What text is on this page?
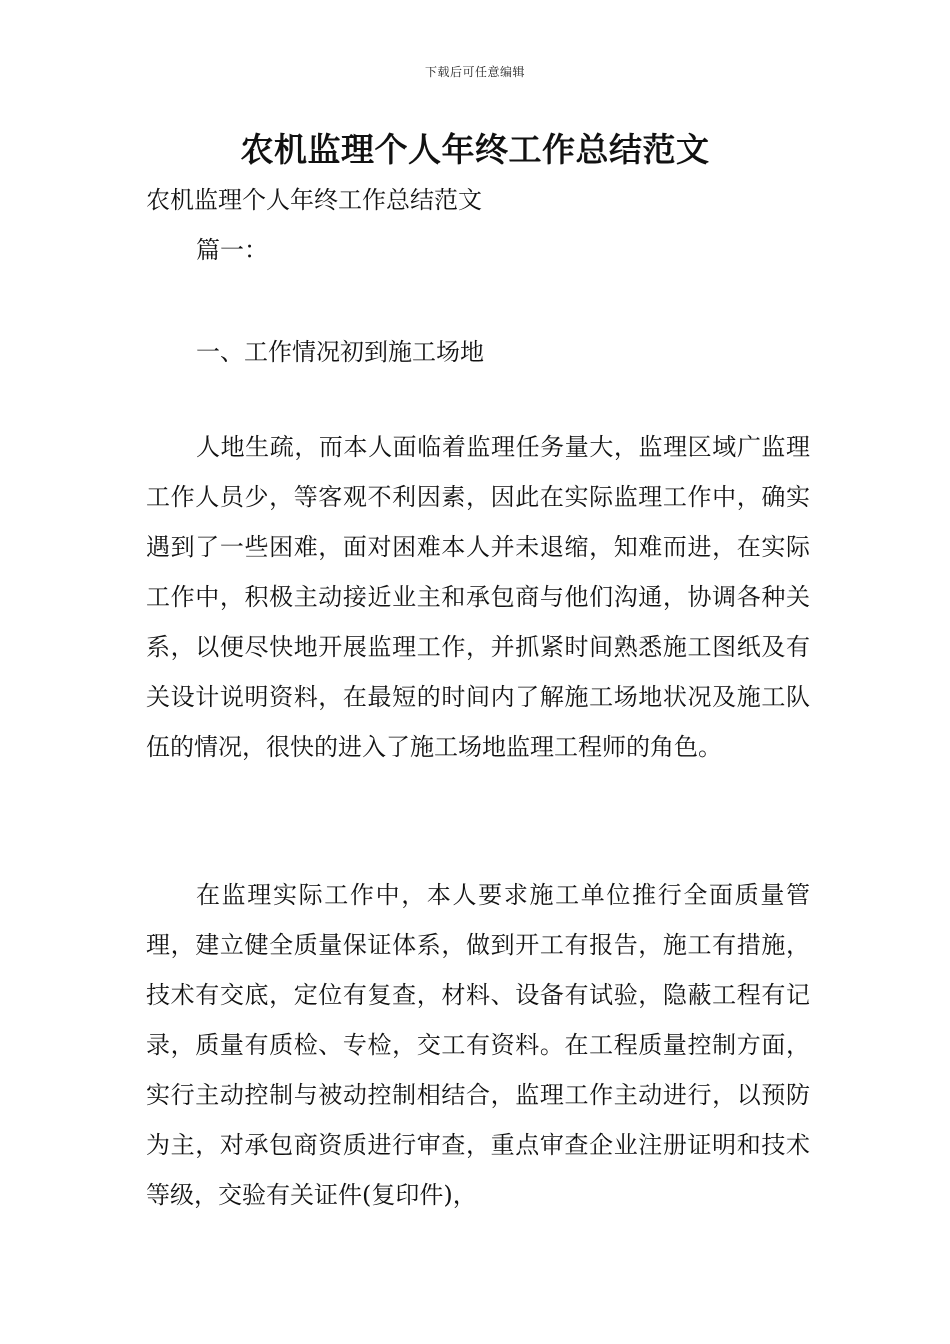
下载后可任意编辑
农机监理个人年终工作总结范文

农机监理个人年终工作总结范文

篇一：

一、工作情况初到施工场地

人地生疏，而本人面临着监理任务量大，监理区域广监理工作人员少，等客观不利因素，因此在实际监理工作中，确实遇到了一些困难，面对困难本人并未退缩，知难而进，在实际工作中，积极主动接近业主和承包商与他们沟通，协调各种关系，以便尽快地开展监理工作，并抓紧时间熟悉施工图纸及有关设计说明资料，在最短的时间内了解施工场地状况及施工队伍的情况，很快的进入了施工场地监理工程师的角色。

在监理实际工作中，本人要求施工单位推行全面质量管理，建立健全质量保证体系，做到开工有报告，施工有措施，技术有交底，定位有复查，材料、设备有试验，隐蔽工程有记录，质量有质检、专检，交工有资料。在工程质量控制方面，实行主动控制与被动控制相结合，监理工作主动进行，以预防为主，对承包商资质进行审查，重点审查企业注册证明和技术等级，交验有关证件(复印件)，
